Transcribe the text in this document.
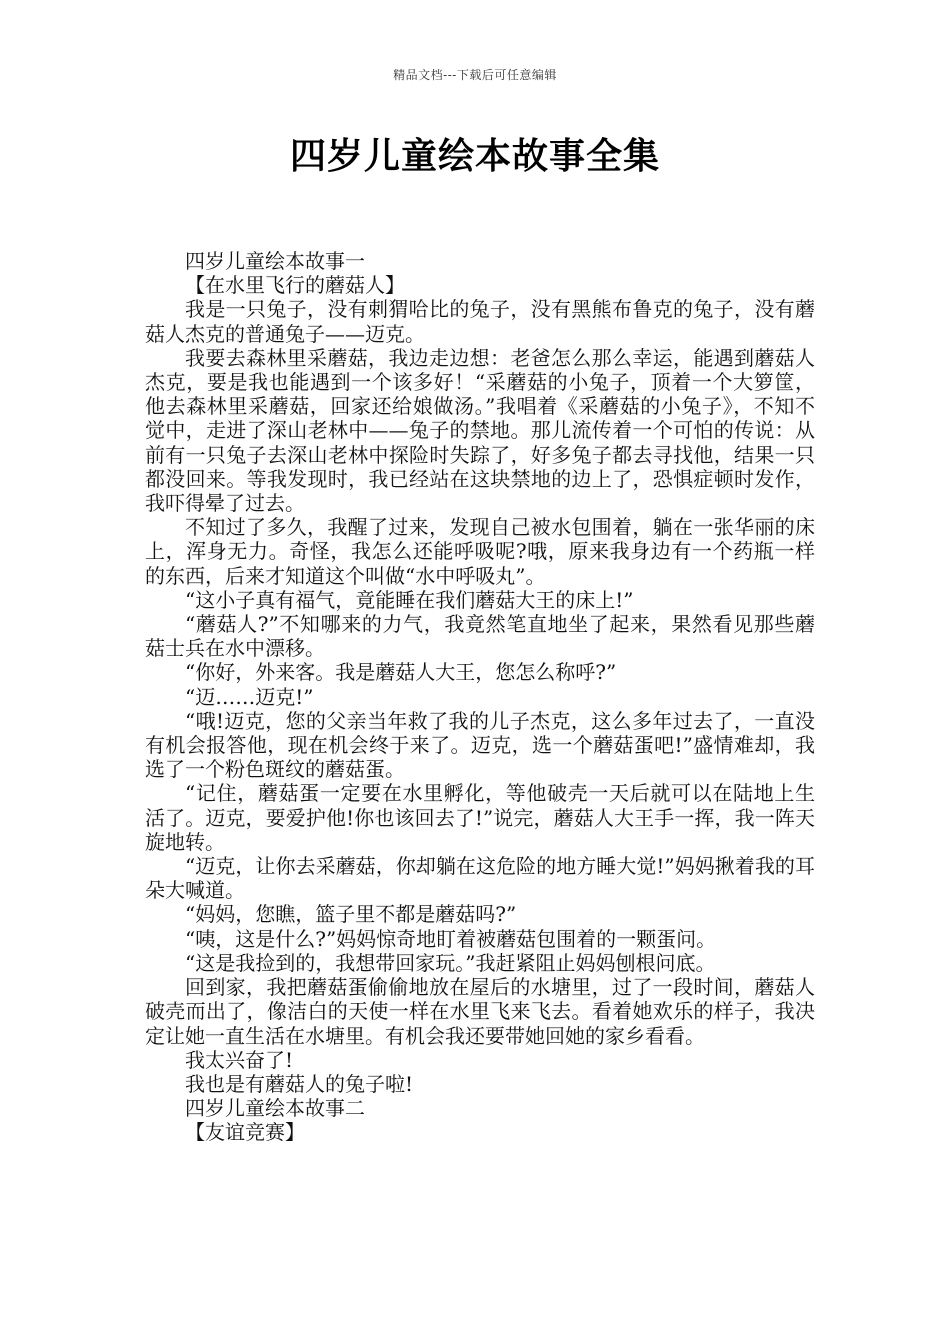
精品文档---下载后可任意编辑
四岁儿童绘本故事全集

四岁儿童绘本故事一

【在水里飞行的蘑菇人】

我是一只兔子，没有刺猬哈比的兔子，没有黑熊布鲁克的兔子，没有蘑菇人杰克的普通兔子——迈克。

我要去森林里采蘑菇，我边走边想：老爸怎么那么幸运，能遇到蘑菇人杰克，要是我也能遇到一个该多好！“采蘑菇的小兔子，顶着一个大箩筐，他去森林里采蘑菇，回家还给娘做汤。”我唱着《采蘑菇的小兔子》，不知不觉中，走进了深山老林中——兔子的禁地。那儿流传着一个可怕的传说：从前有一只兔子去深山老林中探险时失踪了，好多兔子都去寻找他，结果一只都没回来。等我发现时，我已经站在这块禁地的边上了，恐惧症顿时发作，我吓得晕了过去。

不知过了多久，我醒了过来，发现自己被水包围着，躺在一张华丽的床上，浑身无力。奇怪，我怎么还能呼吸呢?哦，原来我身边有一个药瓶一样的东西，后来才知道这个叫做“水中呼吸丸”。

“这小子真有福气，竟能睡在我们蘑菇大王的床上!”

“蘑菇人?”不知哪来的力气，我竟然笔直地坐了起来，果然看见那些蘑菇士兵在水中漂移。

“你好，外来客。我是蘑菇人大王，您怎么称呼?”

“迈……迈克!”

“哦!迈克，您的父亲当年救了我的儿子杰克，这么多年过去了，一直没有机会报答他，现在机会终于来了。迈克，选一个蘑菇蛋吧!”盛情难却，我选了一个粉色斑纹的蘑菇蛋。

“记住，蘑菇蛋一定要在水里孵化，等他破壳一天后就可以在陆地上生活了。迈克，要爱护他!你也该回去了!”说完，蘑菇人大王手一挥，我一阵天旋地转。

“迈克，让你去采蘑菇，你却躺在这危险的地方睡大觉!”妈妈揪着我的耳朵大喊道。

“妈妈，您瞧，篮子里不都是蘑菇吗?”

“咦，这是什么?”妈妈惊奇地盯着被蘑菇包围着的一颗蛋问。

“这是我捡到的，我想带回家玩。”我赶紧阻止妈妈刨根问底。

回到家，我把蘑菇蛋偷偷地放在屋后的水塘里，过了一段时间，蘑菇人破壳而出了，像洁白的天使一样在水里飞来飞去。看着她欢乐的样子，我决定让她一直生活在水塘里。有机会我还要带她回她的家乡看看。

我太兴奋了!

我也是有蘑菇人的兔子啦!

四岁儿童绘本故事二

【友谊竞赛】
